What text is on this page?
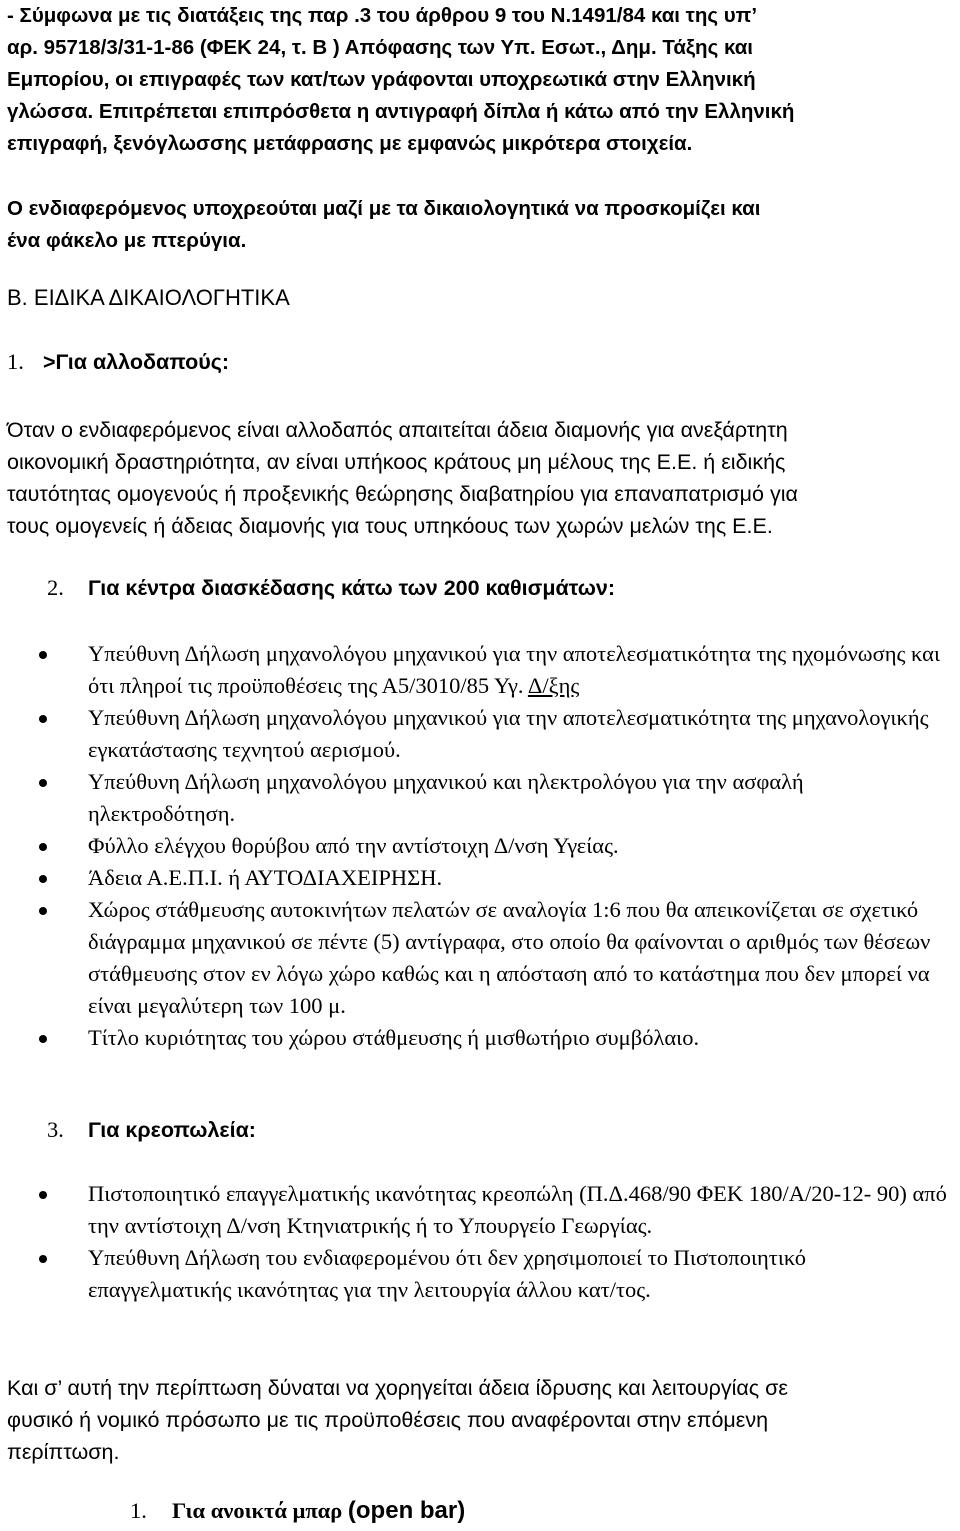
- Σύμφωνα με τις διατάξεις της παρ .3 του άρθρου 9 του Ν.1491/84 και της υπ’
αρ. 95718/3/31-1-86 (ΦΕΚ 24, τ. Β ) Απόφασης των Υπ. Εσωτ., Δημ. Τάξης και
Εμπορίου, οι επιγραφές των κατ/των γράφονται υποχρεωτικά στην Ελληνική
γλώσσα. Επιτρέπεται επιπρόσθετα η αντιγραφή δίπλα ή κάτω από την Ελληνική
επιγραφή, ξενόγλωσσης μετάφρασης με εμφανώς μικρότερα στοιχεία.
Ο ενδιαφερόμενος υποχρεούται μαζί με τα δικαιολογητικά να προσκομίζει και
ένα φάκελο με πτερύγια.
Β. ΕΙΔΙΚΑ ΔΙΚΑΙΟΛΟΓΗΤΙΚΑ
1. >Για αλλοδαπούς:
Όταν ο ενδιαφερόμενος είναι αλλοδαπός απαιτείται άδεια διαμονής για ανεξάρτητη
οικονομική δραστηριότητα, αν είναι υπήκοος κράτους μη μέλους της Ε.Ε. ή ειδικής
ταυτότητας ομογενούς ή προξενικής θεώρησης διαβατηρίου για επαναπατρισμό για
τους ομογενείς ή άδειας διαμονής για τους υπηκόους των χωρών μελών της Ε.Ε.
2. Για κέντρα διασκέδασης κάτω των 200 καθισμάτων:
Υπεύθυνη Δήλωση μηχανολόγου μηχανικού για την αποτελεσματικότητα της ηχομόνωσης και ότι πληροί τις προϋποθέσεις της Α5/3010/85 Υγ. Δ/ξης
Υπεύθυνη Δήλωση μηχανολόγου μηχανικού για την αποτελεσματικότητα της μηχανολογικής εγκατάστασης τεχνητού αερισμού.
Υπεύθυνη Δήλωση μηχανολόγου μηχανικού και ηλεκτρολόγου για την ασφαλή ηλεκτροδότηση.
Φύλλο ελέγχου θορύβου από την αντίστοιχη Δ/νση Υγείας.
Άδεια Α.Ε.Π.Ι. ή ΑΥΤΟΔΙΑΧΕΙΡΗΣΗ.
Χώρος στάθμευσης αυτοκινήτων πελατών σε αναλογία 1:6 που θα απεικονίζεται σε σχετικό διάγραμμα μηχανικού σε πέντε (5) αντίγραφα, στο οποίο θα φαίνονται ο αριθμός των θέσεων στάθμευσης στον εν λόγω χώρο καθώς και η απόσταση από το κατάστημα που δεν μπορεί να είναι μεγαλύτερη των 100 μ.
Τίτλο κυριότητας του χώρου στάθμευσης ή μισθωτήριο συμβόλαιο.
3. Για κρεοπωλεία:
Πιστοποιητικό επαγγελματικής ικανότητας κρεοπώλη (Π.Δ.468/90 ΦΕΚ 180/Α/20-12- 90) από την αντίστοιχη Δ/νση Κτηνιατρικής ή το Υπουργείο Γεωργίας.
Υπεύθυνη Δήλωση του ενδιαφερομένου ότι δεν χρησιμοποιεί το Πιστοποιητικό επαγγελματικής ικανότητας για την λειτουργία άλλου κατ/τος.
Και σ’ αυτή την περίπτωση δύναται να χορηγείται άδεια ίδρυσης και λειτουργίας σε
φυσικό ή νομικό πρόσωπο με τις προϋποθέσεις που αναφέρονται στην επόμενη
περίπτωση.
1. Για ανοικτά μπαρ (open bar)
